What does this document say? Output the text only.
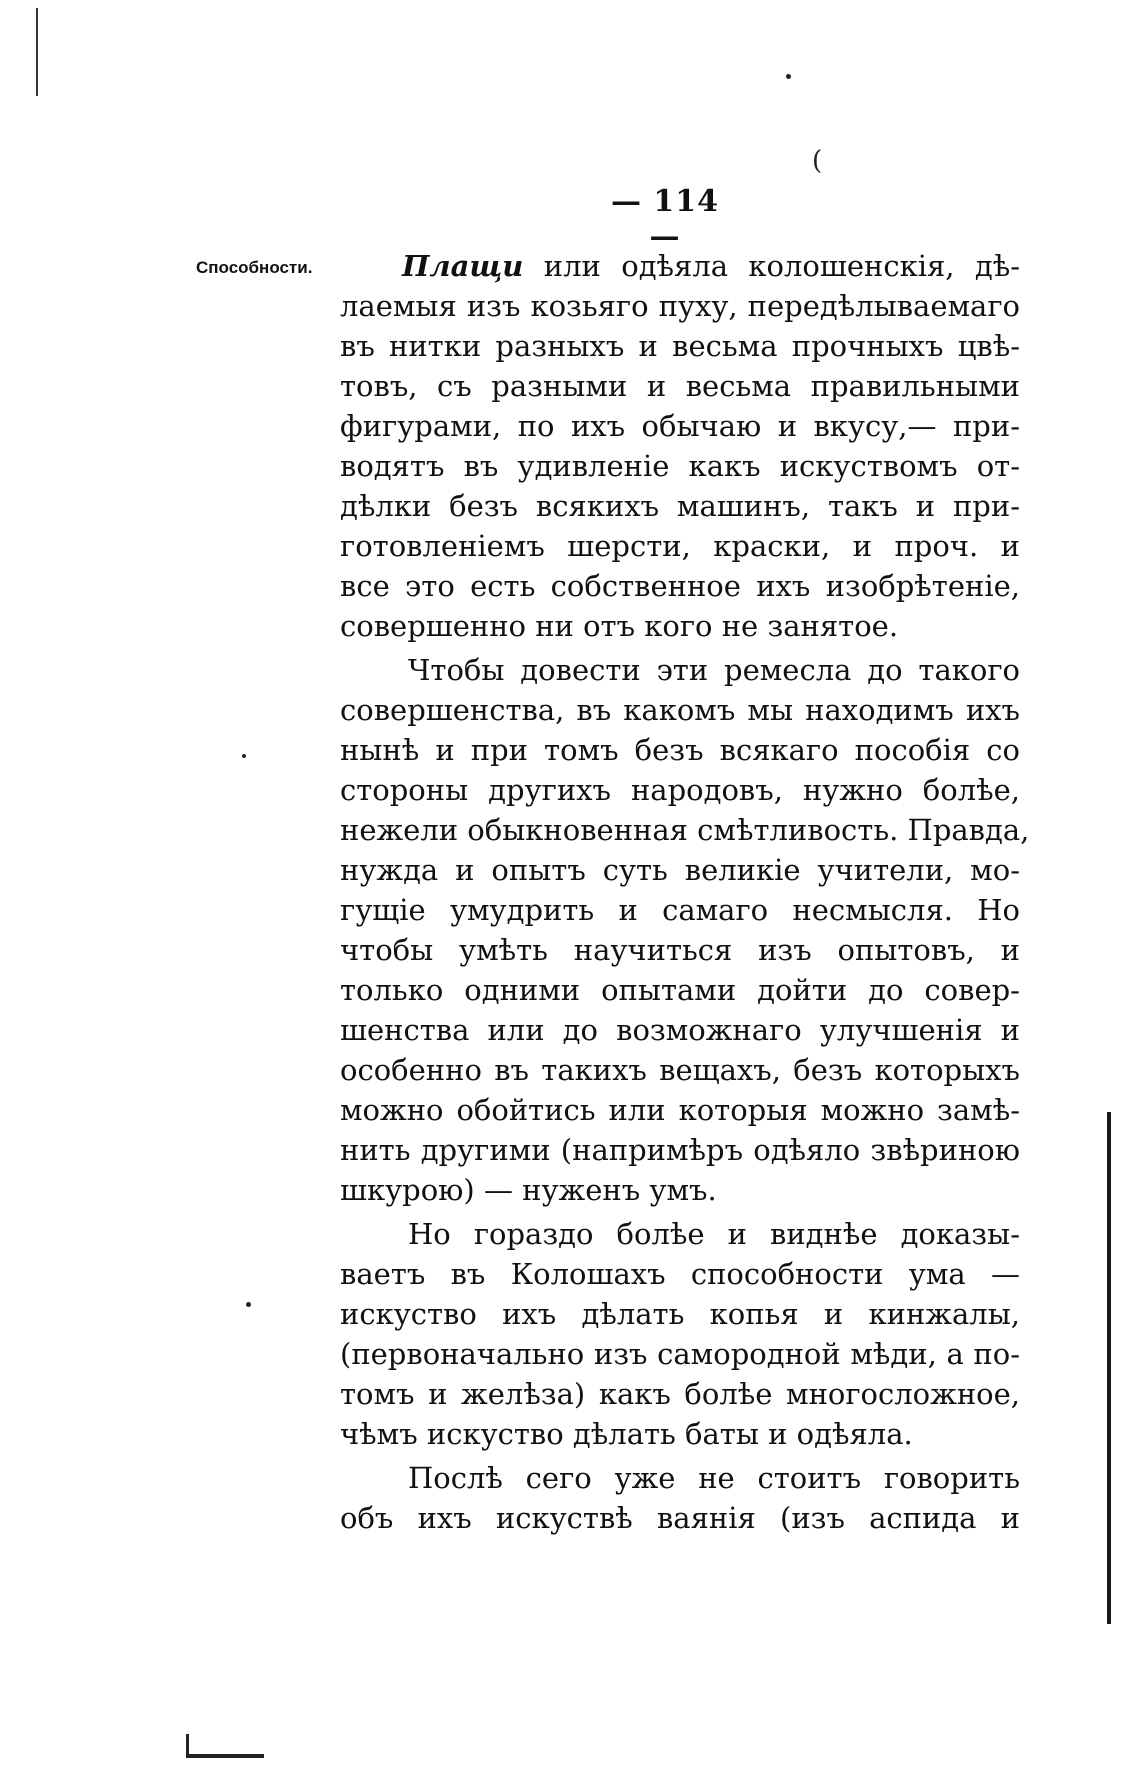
(
— 114 —
Способности.	Плащи или одѣяла колошенскія, дѣ-
лаемыя изъ козьяго пуху, передѣлываемаго
въ нитки разныхъ и весьма прочныхъ цвѣ-
товъ, съ разными и весьма правильными
фигурами, по ихъ обычаю и вкусу,— при-
водятъ въ удивленіе какъ искуствомъ от-
дѣлки безъ всякихъ машинъ, такъ и при-
готовленіемъ шерсти, краски, и проч. и
все это есть собственное ихъ изобрѣтеніе,
совершенно ни отъ кого не занятое.
Чтобы довести эти ремесла до такого
совершенства, въ какомъ мы находимъ ихъ
нынѣ и при томъ безъ всякаго пособія со
стороны другихъ народовъ, нужно болѣе,
нежели обыкновенная смѣтливость. Правда,
нужда и опытъ суть великіе учители, мо-
гущіе умудрить и самаго несмысля. Но
чтобы умѣть научиться изъ опытовъ, и
только одними опытами дойти до совер-
шенства или до возможнаго улучшенія и
особенно въ такихъ вещахъ, безъ которыхъ
можно обойтись или которыя можно замѣ-
нить другими (напримѣръ одѣяло звѣриною
шкурою) — нуженъ умъ.
Но гораздо болѣе и виднѣе доказы-
ваетъ въ Колошахъ способности ума —
искуство ихъ дѣлать копья и кинжалы,
(первоначально изъ самородной мѣди, а по-
томъ и желѣза) какъ болѣе многосложное,
чѣмъ искуство дѣлать баты и одѣяла.
Послѣ сего уже не стоитъ говорить
объ ихъ искуствѣ ваянія (изъ аспида и
